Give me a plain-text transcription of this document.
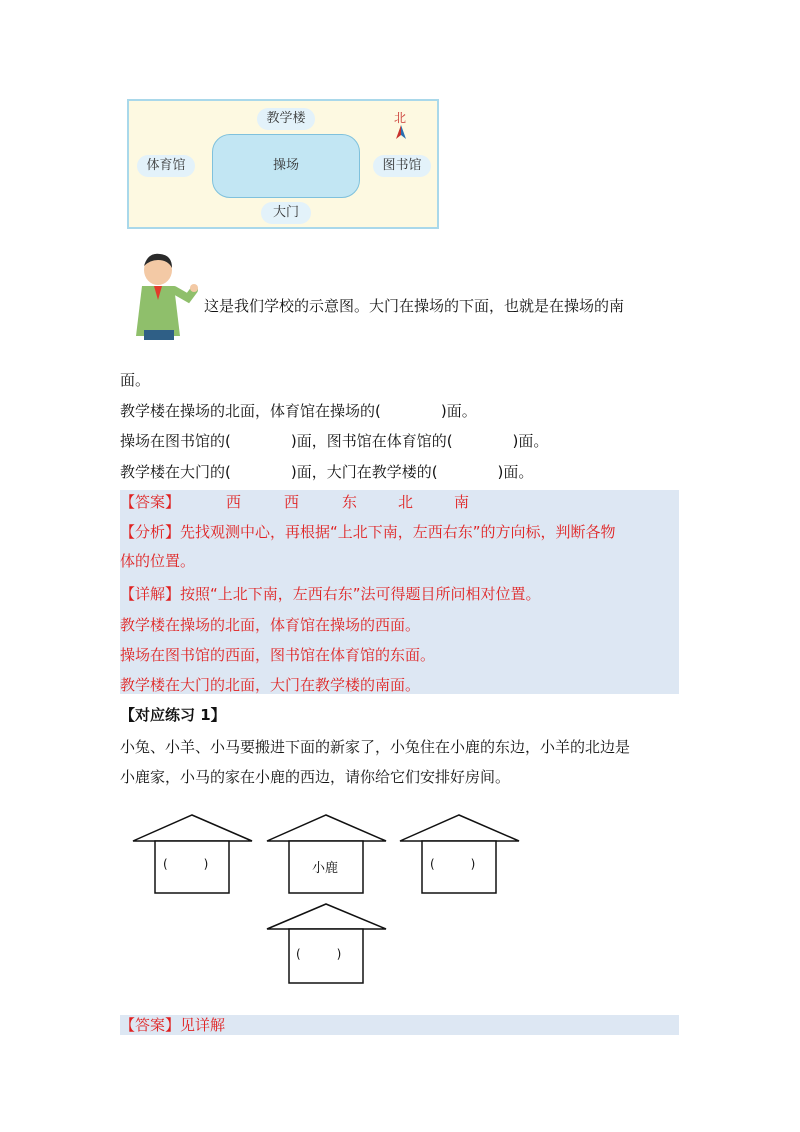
教学楼
体育馆	操场	图书馆
大门
北
这是我们学校的示意图。大门在操场的下面，也就是在操场的南
面。
教学楼在操场的北面，体育馆在操场的(　　　　)面。
操场在图书馆的(　　　　)面，图书馆在体育馆的(　　　　)面。
教学楼在大门的(　　　　)面，大门在教学楼的(　　　　)面。
【答案】	西	西	东	北	南
【分析】先找观测中心，再根据“上北下南，左西右东”的方向标，判断各物
体的位置。
【详解】按照“上北下南，左西右东”法可得题目所问相对位置。
教学楼在操场的北面，体育馆在操场的西面。
操场在图书馆的西面，图书馆在体育馆的东面。
教学楼在大门的北面，大门在教学楼的南面。
【对应练习 1】
小兔、小羊、小马要搬进下面的新家了，小兔住在小鹿的东边，小羊的北边是
小鹿家，小马的家在小鹿的西边，请你给它们安排好房间。
(　　　)	小鹿	(　　　)
(　　　)
【答案】见详解
